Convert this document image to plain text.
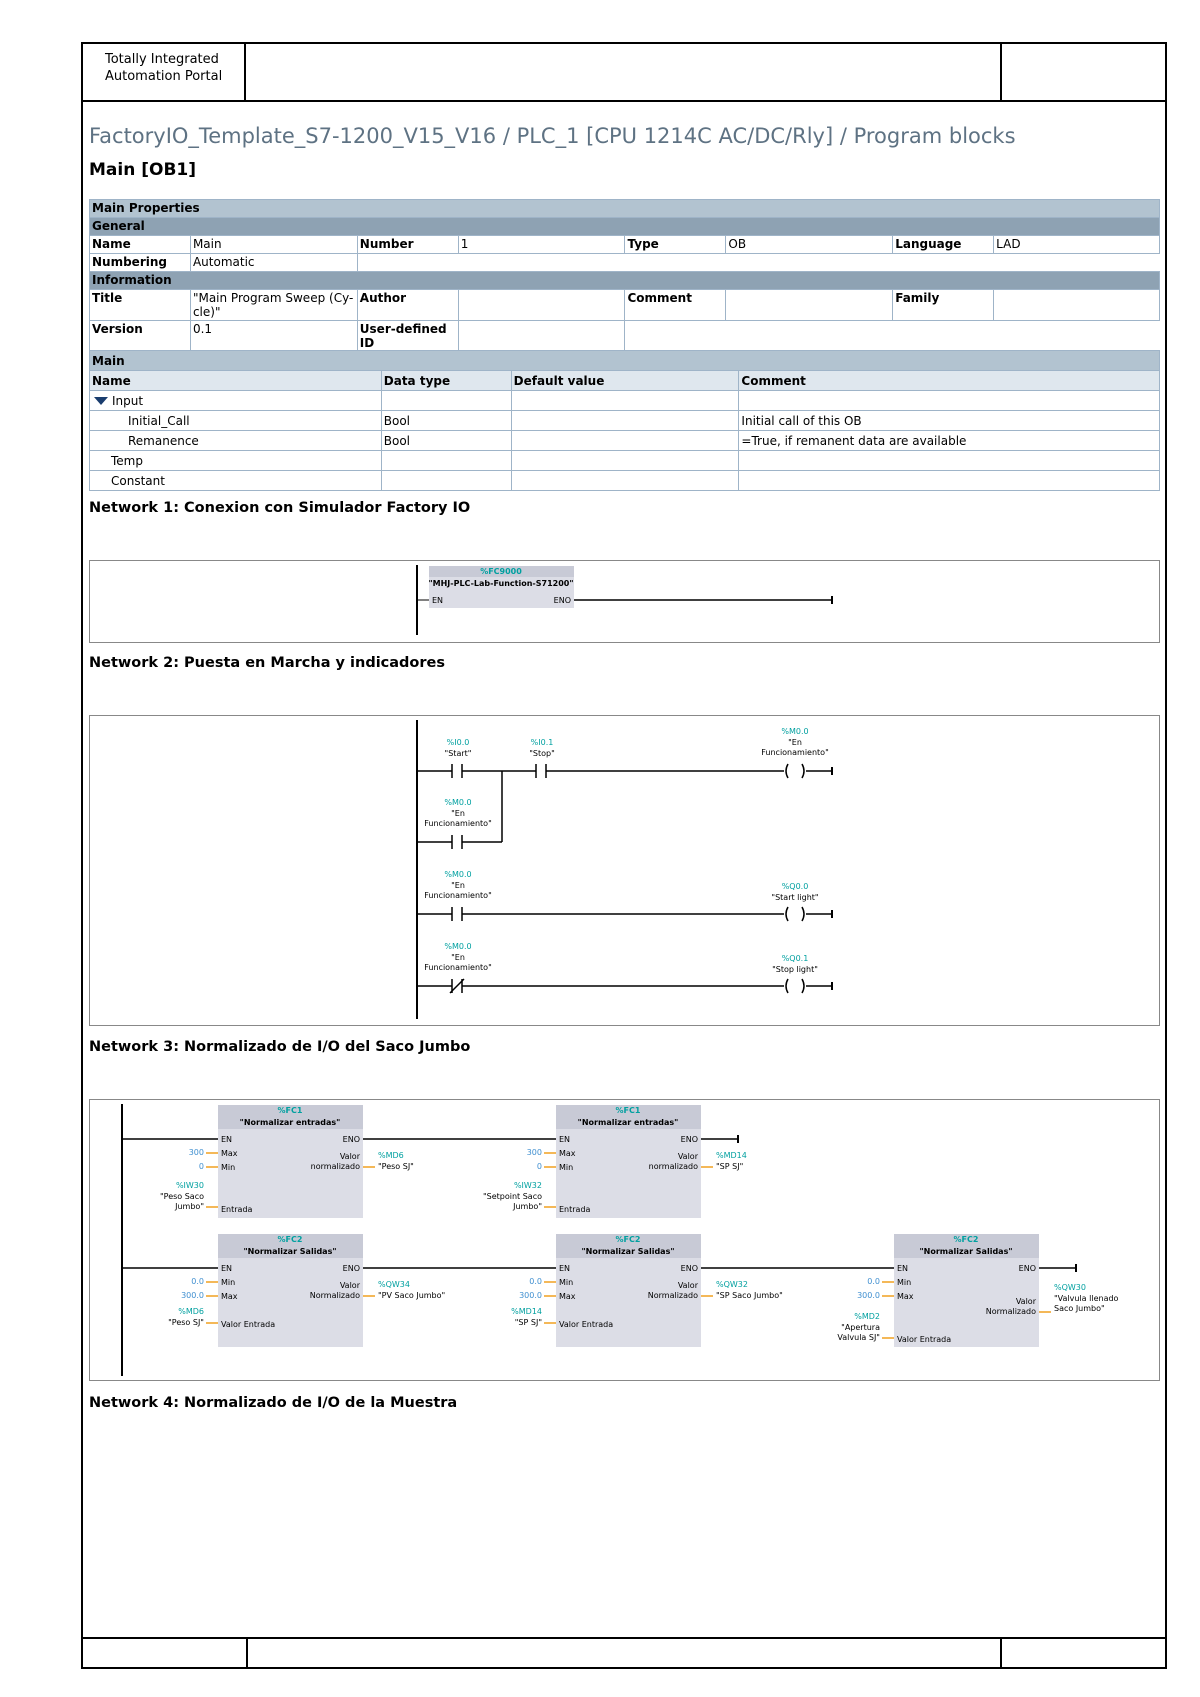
Totally Integrated
Automation Portal
FactoryIO_Template_S7-1200_V15_V16 / PLC_1 [CPU 1214C AC/DC/Rly] / Program blocks
Main [OB1]
Main Properties							
General							
Name	Main	Number	1	Type	OB	Language	LAD
Numbering	Automatic						
Information							
Title	"Main Program Sweep (Cy-
cle)"	Author		Comment		Family	
Version	0.1	User-defined ID					
Main			
Name	Data type	Default value	Comment
Input			
Initial_Call	Bool		Initial call of this OB
Remanence	Bool		=True, if remanent data are available
Temp			
Constant			
Network 1: Conexion con Simulador Factory IO
%FC9000
"MHJ-PLC-Lab-Function-S71200"
EN	ENO
Network 2: Puesta en Marcha y indicadores
%I0.0
"Start"
%I0.1
"Stop"
%M0.0
"En
Funcionamiento"
%M0.0
"En
Funcionamiento"
%M0.0
"En
Funcionamiento"
%Q0.0
"Start light"
%M0.0
"En
Funcionamiento"
%Q0.1
"Stop light"
Network 3: Normalizado de I/O del Saco Jumbo
%FC1
"Normalizar entradas"
EN	ENO
Max
Min
Entrada
Valor
normalizado
300
0
%IW30
"Peso Saco
Jumbo"
%MD6
"Peso SJ"
%FC1
"Normalizar entradas"
EN	ENO
Max
Min
Entrada
Valor
normalizado
300
0
%IW32
"Setpoint Saco
Jumbo"
%MD14
"SP SJ"
%FC2
"Normalizar Salidas"
EN	ENO
Min
Max
Valor Entrada
Valor
Normalizado
0.0
300.0
%MD6
"Peso SJ"
%QW34
"PV Saco Jumbo"
%FC2
"Normalizar Salidas"
EN	ENO
Min
Max
Valor Entrada
Valor
Normalizado
0.0
300.0
%MD14
"SP SJ"
%QW32
"SP Saco Jumbo"
%FC2
"Normalizar Salidas"
EN	ENO
Min
Max
Valor Entrada
Valor
Normalizado
0.0
300.0
%MD2
"Apertura
Valvula SJ"
%QW30
"Valvula llenado
Saco Jumbo"
Network 4: Normalizado de I/O de la Muestra
